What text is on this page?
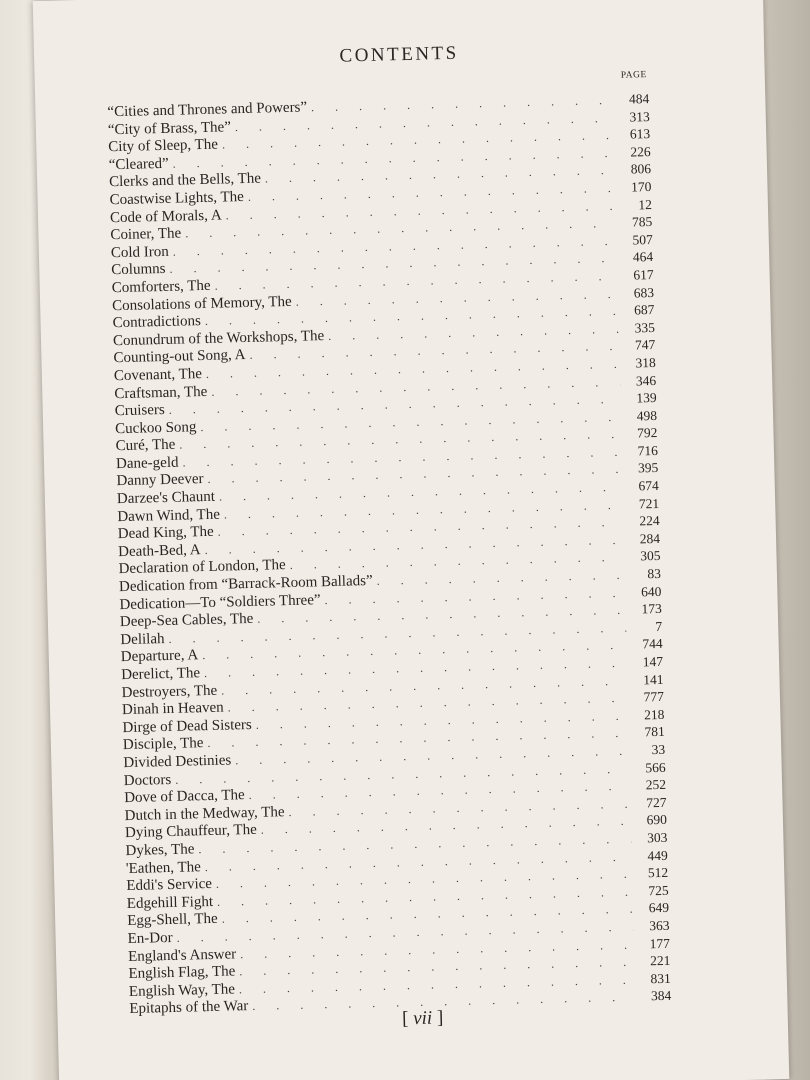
CONTENTS
PAGE
“Cities and Thrones and Powers”
. . .
484
“City of Brass, The”
. . .
313
City of Sleep, The
. . .
613
“Cleared”
. . .
226
Clerks and the Bells, The
. . .
806
Coastwise Lights, The
. . .
170
Code of Morals, A
. . .
12
Coiner, The
. . .
785
Cold Iron
. . .
507
Columns
. . .
464
Comforters, The
. . .
617
Consolations of Memory, The
. . .
683
Contradictions
. . .
687
Conundrum of the Workshops, The
. . .
335
Counting-out Song, A
. . .
747
Covenant, The
. . .
318
Craftsman, The
. . .
346
Cruisers
. . .
139
Cuckoo Song
. . .
498
Curé, The
. . .
792
Dane-geld
. . .
716
Danny Deever
. . .
395
Darzee's Chaunt
. . .
674
Dawn Wind, The
. . .
721
Dead King, The
. . .
224
Death-Bed, A
. . .
284
Declaration of London, The
. . .
305
Dedication from “Barrack-Room Ballads”
. . .	83
Dedication—To “Soldiers Three”
. . .
640
Deep-Sea Cables, The
. . .
173
Delilah
. . .
7
Departure, A
. . .
744
Derelict, The
. . .
147
Destroyers, The
. . .
141
Dinah in Heaven
. . .
777
Dirge of Dead Sisters
. . .
218
Disciple, The
. . .
781
Divided Destinies
. . .
33
Doctors
. . .
566
Dove of Dacca, The
. . .
252
Dutch in the Medway, The
. . .
727
Dying Chauffeur, The
. . .
690
Dykes, The
. . .
303
'Eathen, The
. . .
449
Eddi's Service
. . .
512
Edgehill Fight
. . .
725
Egg-Shell, The
. . .
649
En-Dor
. . .
363
England's Answer
. . .
177
English Flag, The
. . .
221
English Way, The
. . .
831
Epitaphs of the War
. . .
384
[ vii ]
